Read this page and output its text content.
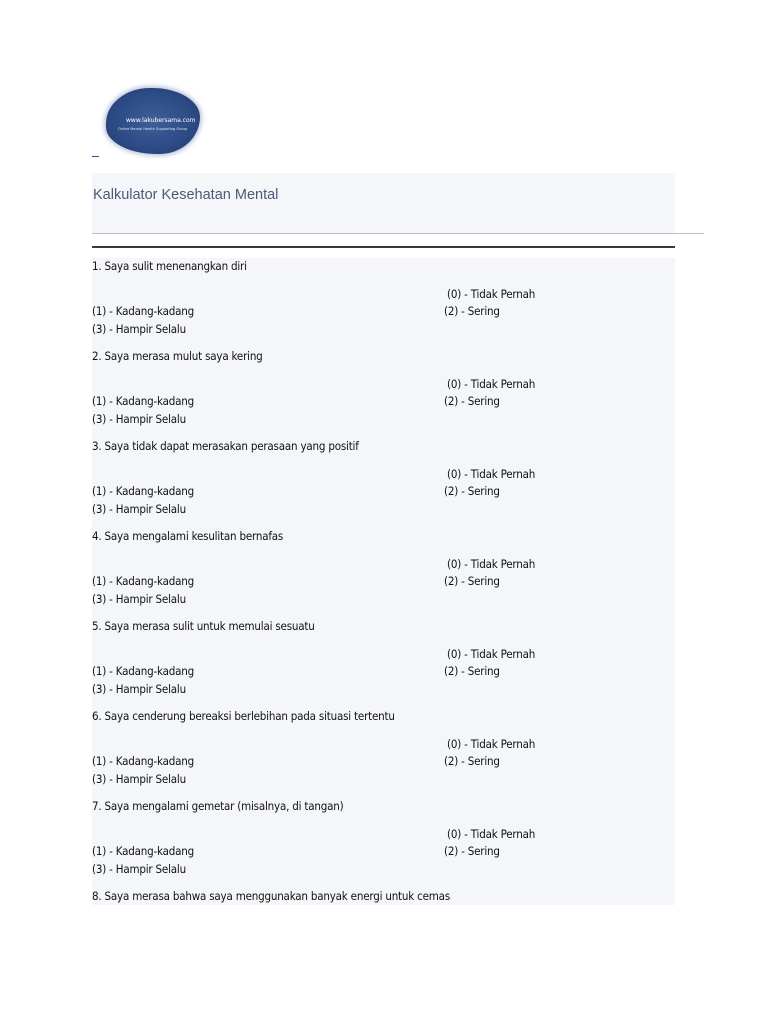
www.lakubersama.com
Online Mental Health Supporting Group
Kalkulator Kesehatan Mental
1. Saya sulit menenangkan diri
(0) - Tidak Pernah
(1) - Kadang-kadang	(2) - Sering
(3) - Hampir Selalu
2. Saya merasa mulut saya kering
(0) - Tidak Pernah
(1) - Kadang-kadang	(2) - Sering
(3) - Hampir Selalu
3. Saya tidak dapat merasakan perasaan yang positif
(0) - Tidak Pernah
(1) - Kadang-kadang	(2) - Sering
(3) - Hampir Selalu
4. Saya mengalami kesulitan bernafas
(0) - Tidak Pernah
(1) - Kadang-kadang	(2) - Sering
(3) - Hampir Selalu
5. Saya merasa sulit untuk memulai sesuatu
(0) - Tidak Pernah
(1) - Kadang-kadang	(2) - Sering
(3) - Hampir Selalu
6. Saya cenderung bereaksi berlebihan pada situasi tertentu
(0) - Tidak Pernah
(1) - Kadang-kadang	(2) - Sering
(3) - Hampir Selalu
7. Saya mengalami gemetar (misalnya, di tangan)
(0) - Tidak Pernah
(1) - Kadang-kadang	(2) - Sering
(3) - Hampir Selalu
8. Saya merasa bahwa saya menggunakan banyak energi untuk cemas
